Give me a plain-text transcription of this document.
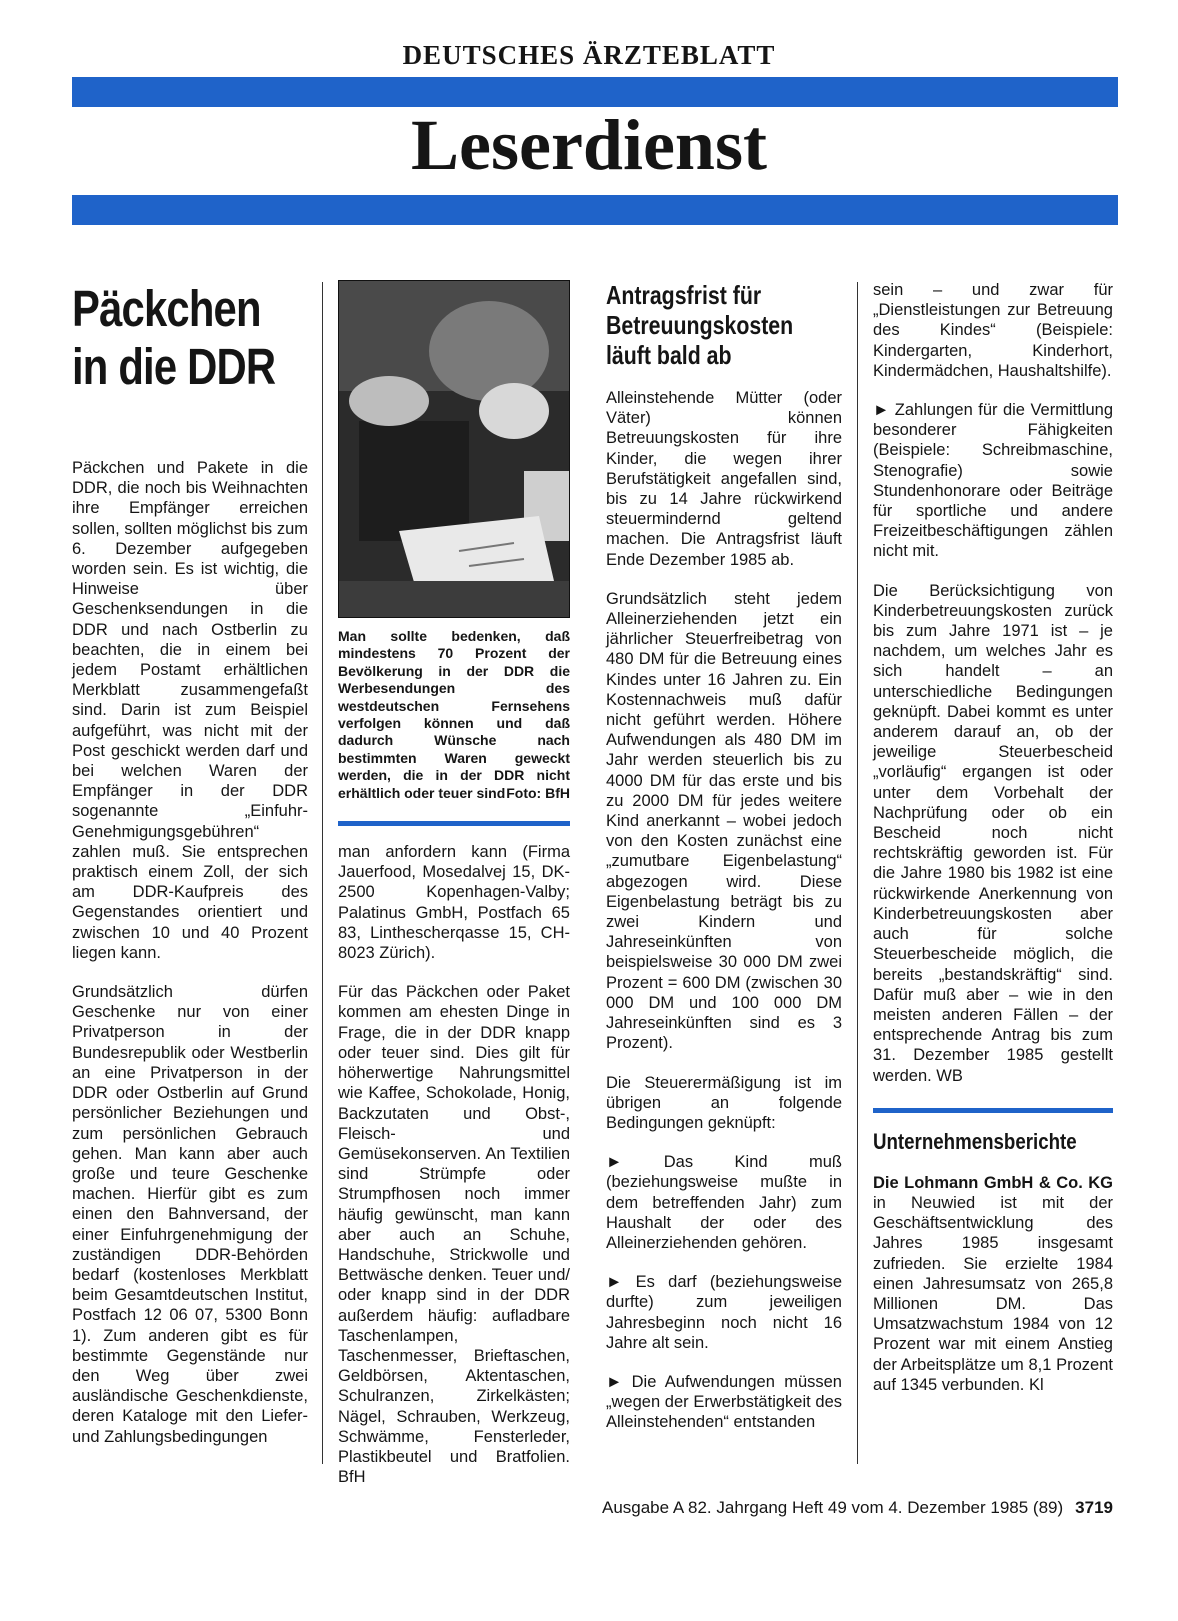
DEUTSCHES ÄRZTEBLATT
Leserdienst
Päckchen
in die DDR

Päckchen und Pakete in die DDR, die noch bis Weihnachten ihre Empfänger erreichen sollen, sollten möglichst bis zum 6. Dezember aufgegeben worden sein. Es ist wichtig, die Hinweise über Geschenksendungen in die DDR und nach Ostberlin zu beachten, die in einem bei jedem Postamt erhältlichen Merkblatt zusammengefaßt sind. Darin ist zum Beispiel aufgeführt, was nicht mit der Post geschickt werden darf und bei welchen Waren der Empfänger in der DDR sogenannte „Einfuhr-Genehmigungsgebühren“ zahlen muß. Sie entsprechen praktisch einem Zoll, der sich am DDR-Kaufpreis des Gegenstandes orientiert und zwischen 10 und 40 Prozent liegen kann.

Grundsätzlich dürfen Geschenke nur von einer Privatperson in der Bundesrepublik oder Westberlin an eine Privatperson in der DDR oder Ostberlin auf Grund persönlicher Beziehungen und zum persönlichen Gebrauch gehen. Man kann aber auch große und teure Geschenke machen. Hierfür gibt es zum einen den Bahnversand, der einer Einfuhrgenehmigung der zuständigen DDR-Behörden bedarf (kostenloses Merkblatt beim Gesamtdeutschen Institut, Postfach 12 06 07, 5300 Bonn 1). Zum anderen gibt es für bestimmte Gegenstände nur den Weg über zwei ausländische Geschenkdienste, deren Kataloge mit den Liefer- und Zahlungsbedingungen

Man sollte bedenken, daß mindestens 70 Prozent der Bevölkerung in der DDR die Werbesendungen des westdeutschen Fernsehens verfolgen können und daß dadurch Wünsche nach bestimmten Waren geweckt werden, die in der DDR nicht erhältlich oder teuer sind Foto: BfH

man anfordern kann (Firma Jauerfood, Mosedalvej 15, DK-2500 Kopenhagen-Valby; Palatinus GmbH, Postfach 65 83, Linthescherqasse 15, CH-8023 Zürich).

Für das Päckchen oder Paket kommen am ehesten Dinge in Frage, die in der DDR knapp oder teuer sind. Dies gilt für höherwertige Nahrungsmittel wie Kaffee, Schokolade, Honig, Backzutaten und Obst-, Fleisch- und Gemüsekonserven. An Textilien sind Strümpfe oder Strumpfhosen noch immer häufig gewünscht, man kann aber auch an Schuhe, Handschuhe, Strickwolle und Bettwäsche denken. Teuer und/ oder knapp sind in der DDR außerdem häufig: aufladbare Taschenlampen, Taschenmesser, Brieftaschen, Geldbörsen, Aktentaschen, Schulranzen, Zirkelkästen; Nägel, Schrauben, Werkzeug, Schwämme, Fensterleder, Plastikbeutel und Bratfolien. BfH

Antragsfrist für Betreuungskosten läuft bald ab

Alleinstehende Mütter (oder Väter) können Betreuungskosten für ihre Kinder, die wegen ihrer Berufstätigkeit angefallen sind, bis zu 14 Jahre rückwirkend steuermindernd geltend machen. Die Antragsfrist läuft Ende Dezember 1985 ab.

Grundsätzlich steht jedem Alleinerziehenden jetzt ein jährlicher Steuerfreibetrag von 480 DM für die Betreuung eines Kindes unter 16 Jahren zu. Ein Kostennachweis muß dafür nicht geführt werden. Höhere Aufwendungen als 480 DM im Jahr werden steuerlich bis zu 4000 DM für das erste und bis zu 2000 DM für jedes weitere Kind anerkannt – wobei jedoch von den Kosten zunächst eine „zumutbare Eigenbelastung“ abgezogen wird. Diese Eigenbelastung beträgt bis zu zwei Kindern und Jahreseinkünften von beispielsweise 30 000 DM zwei Prozent = 600 DM (zwischen 30 000 DM und 100 000 DM Jahreseinkünften sind es 3 Prozent).

Die Steuerermäßigung ist im übrigen an folgende Bedingungen geknüpft:

► Das Kind muß (beziehungsweise mußte in dem betreffenden Jahr) zum Haushalt der oder des Alleinerziehenden gehören.

► Es darf (beziehungsweise durfte) zum jeweiligen Jahresbeginn noch nicht 16 Jahre alt sein.

► Die Aufwendungen müssen „wegen der Erwerbstätigkeit des Alleinstehenden“ entstanden

sein – und zwar für „Dienstleistungen zur Betreuung des Kindes“ (Beispiele: Kindergarten, Kinderhort, Kindermädchen, Haushaltshilfe).

► Zahlungen für die Vermittlung besonderer Fähigkeiten (Beispiele: Schreibmaschine, Stenografie) sowie Stundenhonorare oder Beiträge für sportliche und andere Freizeitbeschäftigungen zählen nicht mit.

Die Berücksichtigung von Kinderbetreuungskosten zurück bis zum Jahre 1971 ist – je nachdem, um welches Jahr es sich handelt – an unterschiedliche Bedingungen geknüpft. Dabei kommt es unter anderem darauf an, ob der jeweilige Steuerbescheid „vorläufig“ ergangen ist oder unter dem Vorbehalt der Nachprüfung oder ob ein Bescheid noch nicht rechtskräftig geworden ist. Für die Jahre 1980 bis 1982 ist eine rückwirkende Anerkennung von Kinderbetreuungskosten aber auch für solche Steuerbescheide möglich, die bereits „bestandskräftig“ sind. Dafür muß aber – wie in den meisten anderen Fällen – der entsprechende Antrag bis zum 31. Dezember 1985 gestellt werden. WB

Unternehmensberichte

Die Lohmann GmbH & Co. KG in Neuwied ist mit der Geschäftsentwicklung des Jahres 1985 insgesamt zufrieden. Sie erzielte 1984 einen Jahresumsatz von 265,8 Millionen DM. Das Umsatzwachstum 1984 von 12 Prozent war mit einem Anstieg der Arbeitsplätze um 8,1 Prozent auf 1345 verbunden. Kl

Ausgabe A 82. Jahrgang Heft 49 vom 4. Dezember 1985 (89) 3719
